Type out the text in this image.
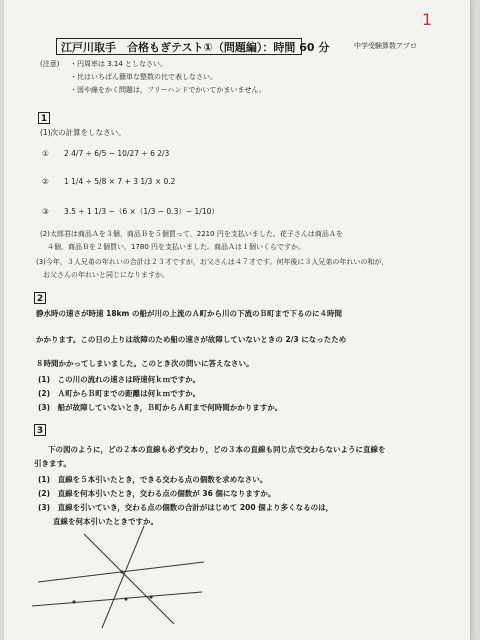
1
江戸川取手　合格もぎテスト①（問題編）：時間 60 分	中学受験算数アプロ
(注意) ・円周率は 3.14 としなさい。
・比はいちばん簡単な整数の比で表しなさい。
・図や線をかく問題は，フリーハンドでかいてかまいません。
1
(1)次の計算をしなさい。
① 2 4/7 ÷ 6/5 − 10/27 ÷ 6 2/3
② 1 1/4 ÷ 5/8 × 7 + 3 1/3 × 0.2
③ 3.5 ÷ 1 1/3 −（6 ×（1/3 − 0.3）− 1/10）
(2)太郎君は商品Ａを３個，商品Ｂを５個買って，2210 円を支払いました。花子さんは商品Ａを
　４個，商品Ｂを２個買い，1780 円を支払いました。商品Ａは１個いくらですか。
(3)今年，３人兄弟の年れいの合計は２３才ですが，お父さんは４７才です。何年後に３人兄弟の年れいの和が，
　お父さんの年れいと同じになりますか。
2
静水時の速さが時速 18km の船が川の上流のＡ町から川の下流のＢ町まで下るのに４時間
かかります。この日の上りは故障のため船の速さが故障していないときの 2/3 になったため
８時間かかってしまいました。このとき次の問いに答えなさい。
(1)　この川の流れの速さは時速何ｋｍですか。
(2)　Ａ町からＢ町までの距離は何ｋｍですか。
(3)　船が故障していないとき，Ｂ町からＡ町まで何時間かかりますか。
3
下の図のように，どの２本の直線も必ず交わり，どの３本の直線も同じ点で交わらないように直線を
引きます。
(1)　直線を５本引いたとき，できる交わる点の個数を求めなさい。
(2)　直線を何本引いたとき，交わる点の個数が 36 個になりますか。
(3)　直線を引いていき，交わる点の個数の合計がはじめて 200 個より多くなるのは，
　　直線を何本引いたときですか。
